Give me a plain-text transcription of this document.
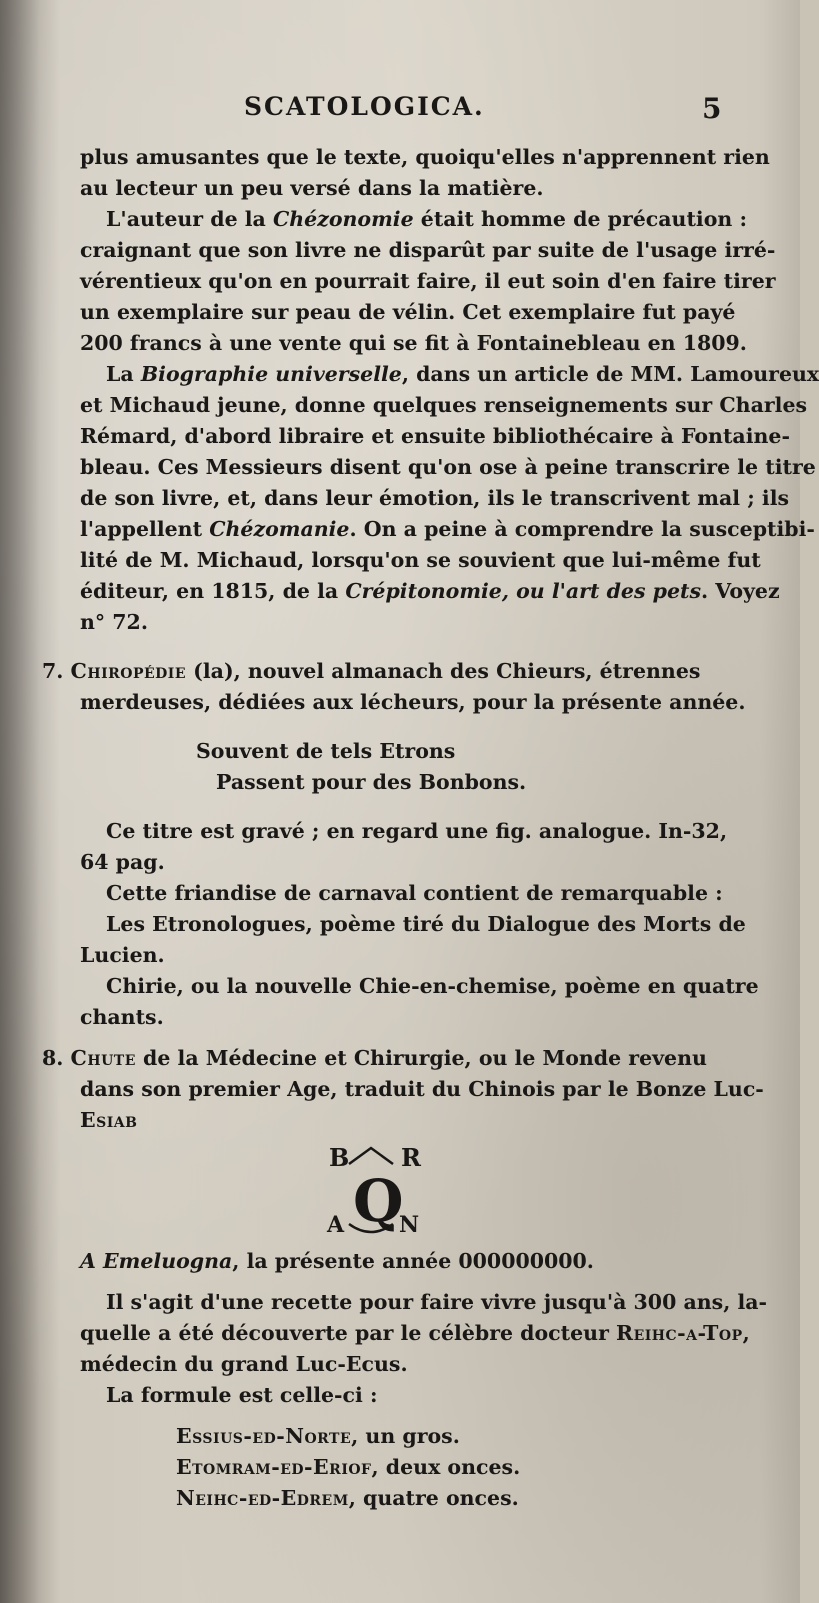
SCATOLOGICA.	5
plus amusantes que le texte, quoiqu'elles n'apprennent rien
au lecteur un peu versé dans la matière.
L'auteur de la Chézonomie était homme de précaution :
craignant que son livre ne disparût par suite de l'usage irré-
vérentieux qu'on en pourrait faire, il eut soin d'en faire tirer
un exemplaire sur peau de vélin. Cet exemplaire fut payé
200 francs à une vente qui se fit à Fontainebleau en 1809.
La Biographie universelle, dans un article de MM. Lamoureux
et Michaud jeune, donne quelques renseignements sur Charles
Rémard, d'abord libraire et ensuite bibliothécaire à Fontaine-
bleau. Ces Messieurs disent qu'on ose à peine transcrire le titre
de son livre, et, dans leur émotion, ils le transcrivent mal ; ils
l'appellent Chézomanie. On a peine à comprendre la susceptibi-
lité de M. Michaud, lorsqu'on se souvient que lui-même fut
éditeur, en 1815, de la Crépitonomie, ou l'art des pets. Voyez
n° 72.
7. Chiropédie (la), nouvel almanach des Chieurs, étrennes
merdeuses, dédiées aux lécheurs, pour la présente année.
Souvent de tels Etrons
Passent pour des Bonbons.
Ce titre est gravé ; en regard une fig. analogue. In-32,
64 pag.
Cette friandise de carnaval contient de remarquable :
Les Etronologues, poème tiré du Dialogue des Morts de
Lucien.
Chirie, ou la nouvelle Chie-en-chemise, poème en quatre
chants.
8. Chute de la Médecine et Chirurgie, ou le Monde revenu
dans son premier Age, traduit du Chinois par le Bonze Luc-
Esiab
B R
Q
A N
A Emeluogna, la présente année 000000000.
Il s'agit d'une recette pour faire vivre jusqu'à 300 ans, la-
quelle a été découverte par le célèbre docteur Reihc-a-Top,
médecin du grand Luc-Ecus.
La formule est celle-ci :
Essius-ed-Norte, un gros.
Etomram-ed-Eriof, deux onces.
Neihc-ed-Edrem, quatre onces.
